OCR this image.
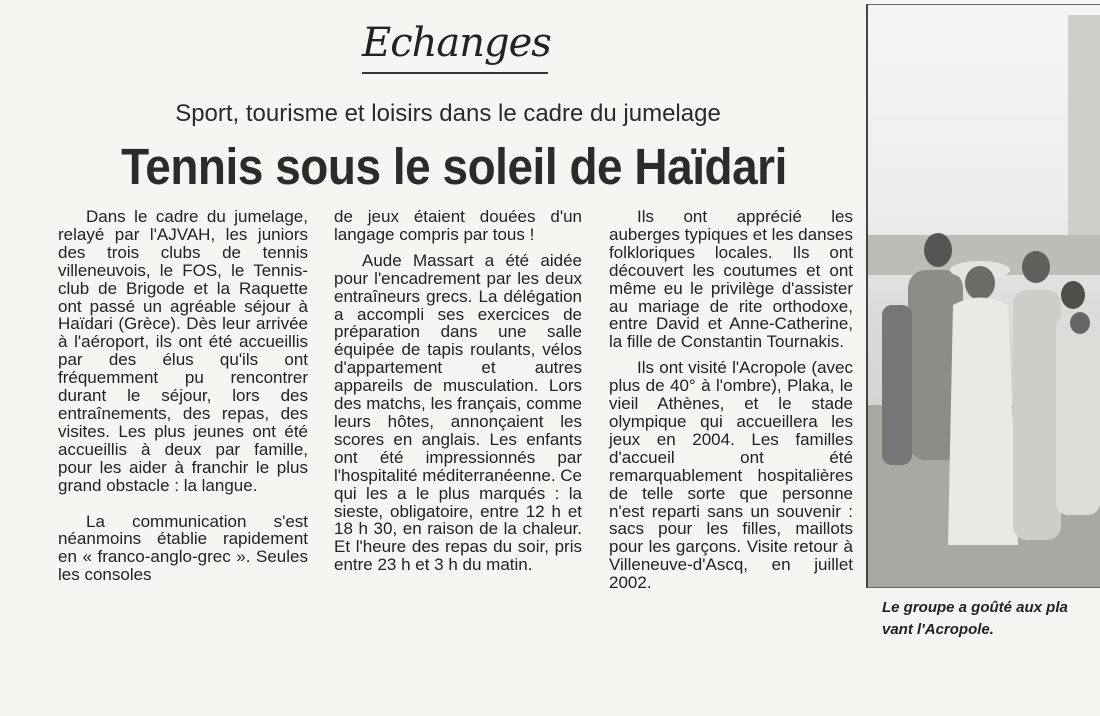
Echanges
Sport, tourisme et loisirs dans le cadre du jumelage
Tennis sous le soleil de Haïdari

Dans le cadre du jumelage, relayé par l'AJVAH, les juniors des trois clubs de tennis villeneuvois, le FOS, le Tennis-club de Brigode et la Raquette ont passé un agréable séjour à Haïdari (Grèce). Dès leur arrivée à l'aéroport, ils ont été accueillis par des élus qu'ils ont fréquemment pu rencontrer durant le séjour, lors des entraînements, des repas, des visites. Les plus jeunes ont été accueillis à deux par famille, pour les aider à franchir le plus grand obstacle : la langue.

La communication s'est néanmoins établie rapidement en « franco-anglo-grec ». Seules les consoles

de jeux étaient douées d'un langage compris par tous !

Aude Massart a été aidée pour l'encadrement par les deux entraîneurs grecs. La délégation a accompli ses exercices de préparation dans une salle équipée de tapis roulants, vélos d'appartement et autres appareils de musculation. Lors des matchs, les français, comme leurs hôtes, annonçaient les scores en anglais. Les enfants ont été impressionnés par l'hospitalité méditerranéenne. Ce qui les a le plus marqués : la sieste, obligatoire, entre 12 h et 18 h 30, en raison de la chaleur. Et l'heure des repas du soir, pris entre 23 h et 3 h du matin.

Ils ont apprécié les auberges typiques et les danses folkloriques locales. Ils ont découvert les coutumes et ont même eu le privilège d'assister au mariage de rite orthodoxe, entre David et Anne-Catherine, la fille de Constantin Tournakis.

Ils ont visité l'Acropole (avec plus de 40° à l'ombre), Plaka, le vieil Athènes, et le stade olympique qui accueillera les jeux en 2004. Les familles d'accueil ont été remarquablement hospitalières de telle sorte que personne n'est reparti sans un souvenir : sacs pour les filles, maillots pour les garçons. Visite retour à Villeneuve-d'Ascq, en juillet 2002.

Le groupe a goûté aux pla
vant l'Acropole.
